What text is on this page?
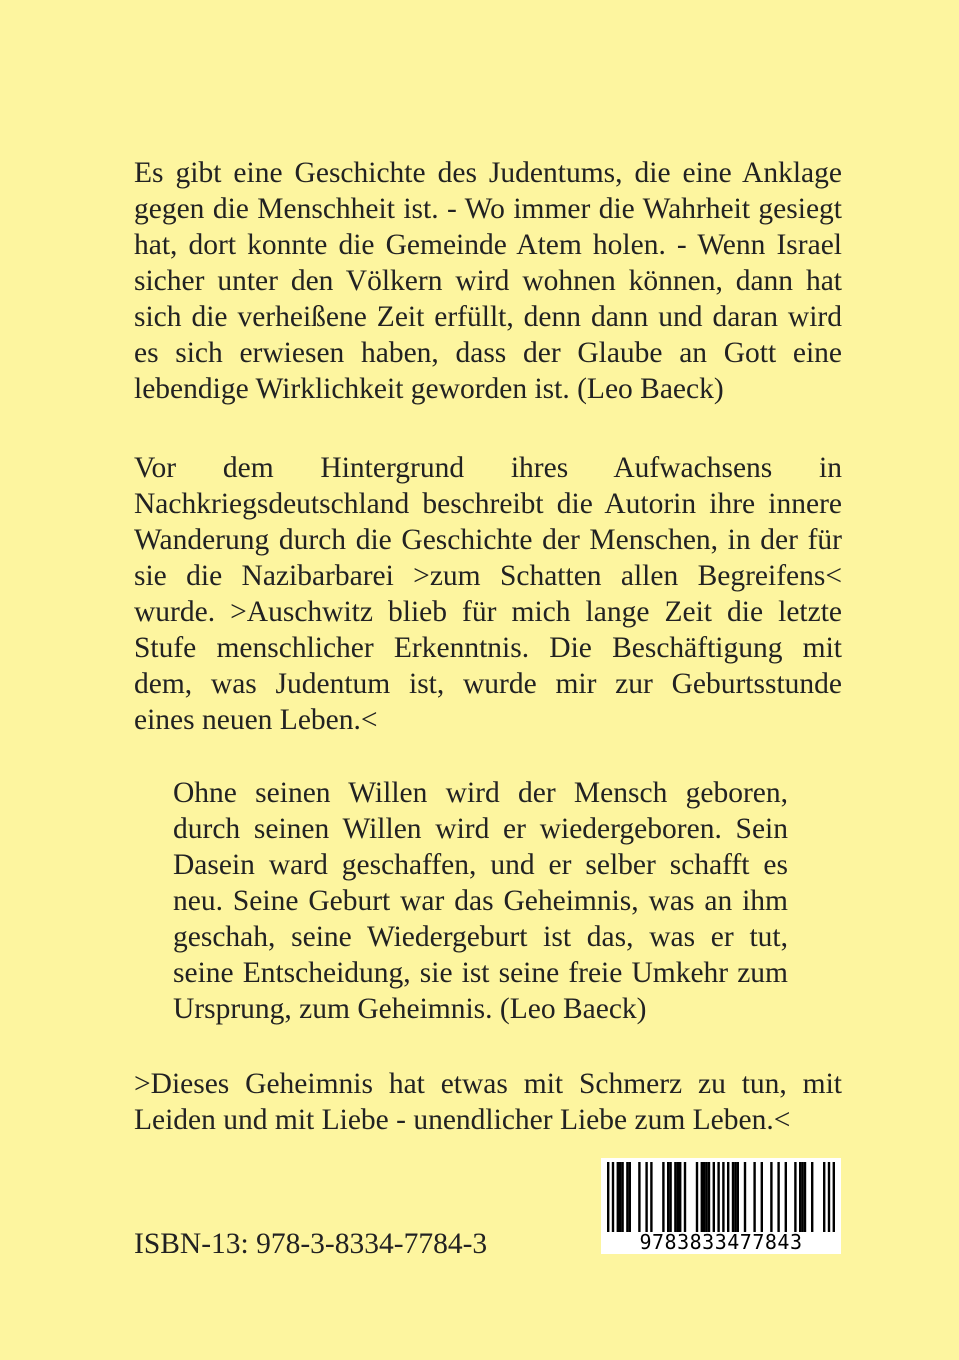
Es gibt eine Geschichte des Judentums, die eine Anklage
gegen die Menschheit ist. - Wo immer die Wahrheit gesiegt
hat, dort konnte die Gemeinde Atem holen. - Wenn Israel
sicher unter den Völkern wird wohnen können, dann hat
sich die verheißene Zeit erfüllt, denn dann und daran wird
es sich erwiesen haben, dass der Glaube an Gott eine
lebendige Wirklichkeit geworden ist. (Leo Baeck)
Vor dem Hintergrund ihres Aufwachsens in
Nachkriegsdeutschland beschreibt die Autorin ihre innere
Wanderung durch die Geschichte der Menschen, in der für
sie die Nazibarbarei >zum Schatten allen Begreifens<
wurde. >Auschwitz blieb für mich lange Zeit die letzte
Stufe menschlicher Erkenntnis. Die Beschäftigung mit
dem, was Judentum ist, wurde mir zur Geburtsstunde
eines neuen Leben.<
Ohne seinen Willen wird der Mensch geboren,
durch seinen Willen wird er wiedergeboren. Sein
Dasein ward geschaffen, und er selber schafft es
neu. Seine Geburt war das Geheimnis, was an ihm
geschah, seine Wiedergeburt ist das, was er tut,
seine Entscheidung, sie ist seine freie Umkehr zum
Ursprung, zum Geheimnis. (Leo Baeck)
>Dieses Geheimnis hat etwas mit Schmerz zu tun, mit
Leiden und mit Liebe - unendlicher Liebe zum Leben.<

ISBN-13: 978-3-8334-7784-3	9783833477843
